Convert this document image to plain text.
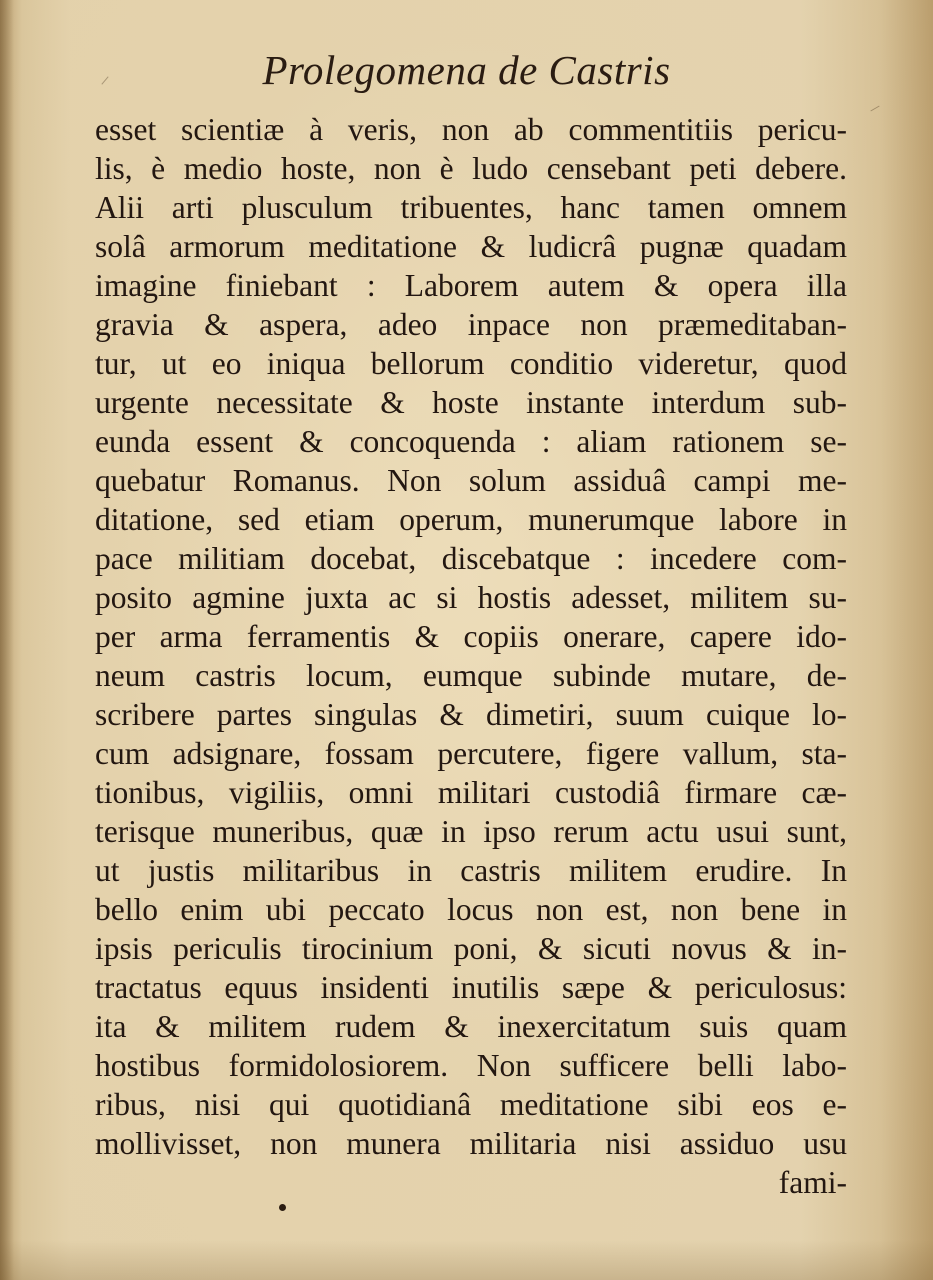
Prolegomena de Castris
esset scientiæ à veris, non ab commentitiis pericu-
lis, è medio hoste, non è ludo censebant peti debere.
Alii arti plusculum tribuentes, hanc tamen omnem
solâ armorum meditatione & ludicrâ pugnæ quadam
imagine finiebant : Laborem autem & opera illa
gravia & aspera, adeo inpace non præmeditaban-
tur, ut eo iniqua bellorum conditio videretur, quod
urgente necessitate & hoste instante interdum sub-
eunda essent & concoquenda : aliam rationem se-
quebatur Romanus. Non solum assiduâ campi me-
ditatione, sed etiam operum, munerumque labore in
pace militiam docebat, discebatque : incedere com-
posito agmine juxta ac si hostis adesset, militem su-
per arma ferramentis & copiis onerare, capere ido-
neum castris locum, eumque subinde mutare, de-
scribere partes singulas & dimetiri, suum cuique lo-
cum adsignare, fossam percutere, figere vallum, sta-
tionibus, vigiliis, omni militari custodiâ firmare cæ-
terisque muneribus, quæ in ipso rerum actu usui sunt,
ut justis militaribus in castris militem erudire. In
bello enim ubi peccato locus non est, non bene in
ipsis periculis tirocinium poni, & sicuti novus & in-
tractatus equus insidenti inutilis sæpe & periculosus:
ita & militem rudem & inexercitatum suis quam
hostibus formidolosiorem. Non sufficere belli labo-
ribus, nisi qui quotidianâ meditatione sibi eos e-
mollivisset, non munera militaria nisi assiduo usu
fami-
